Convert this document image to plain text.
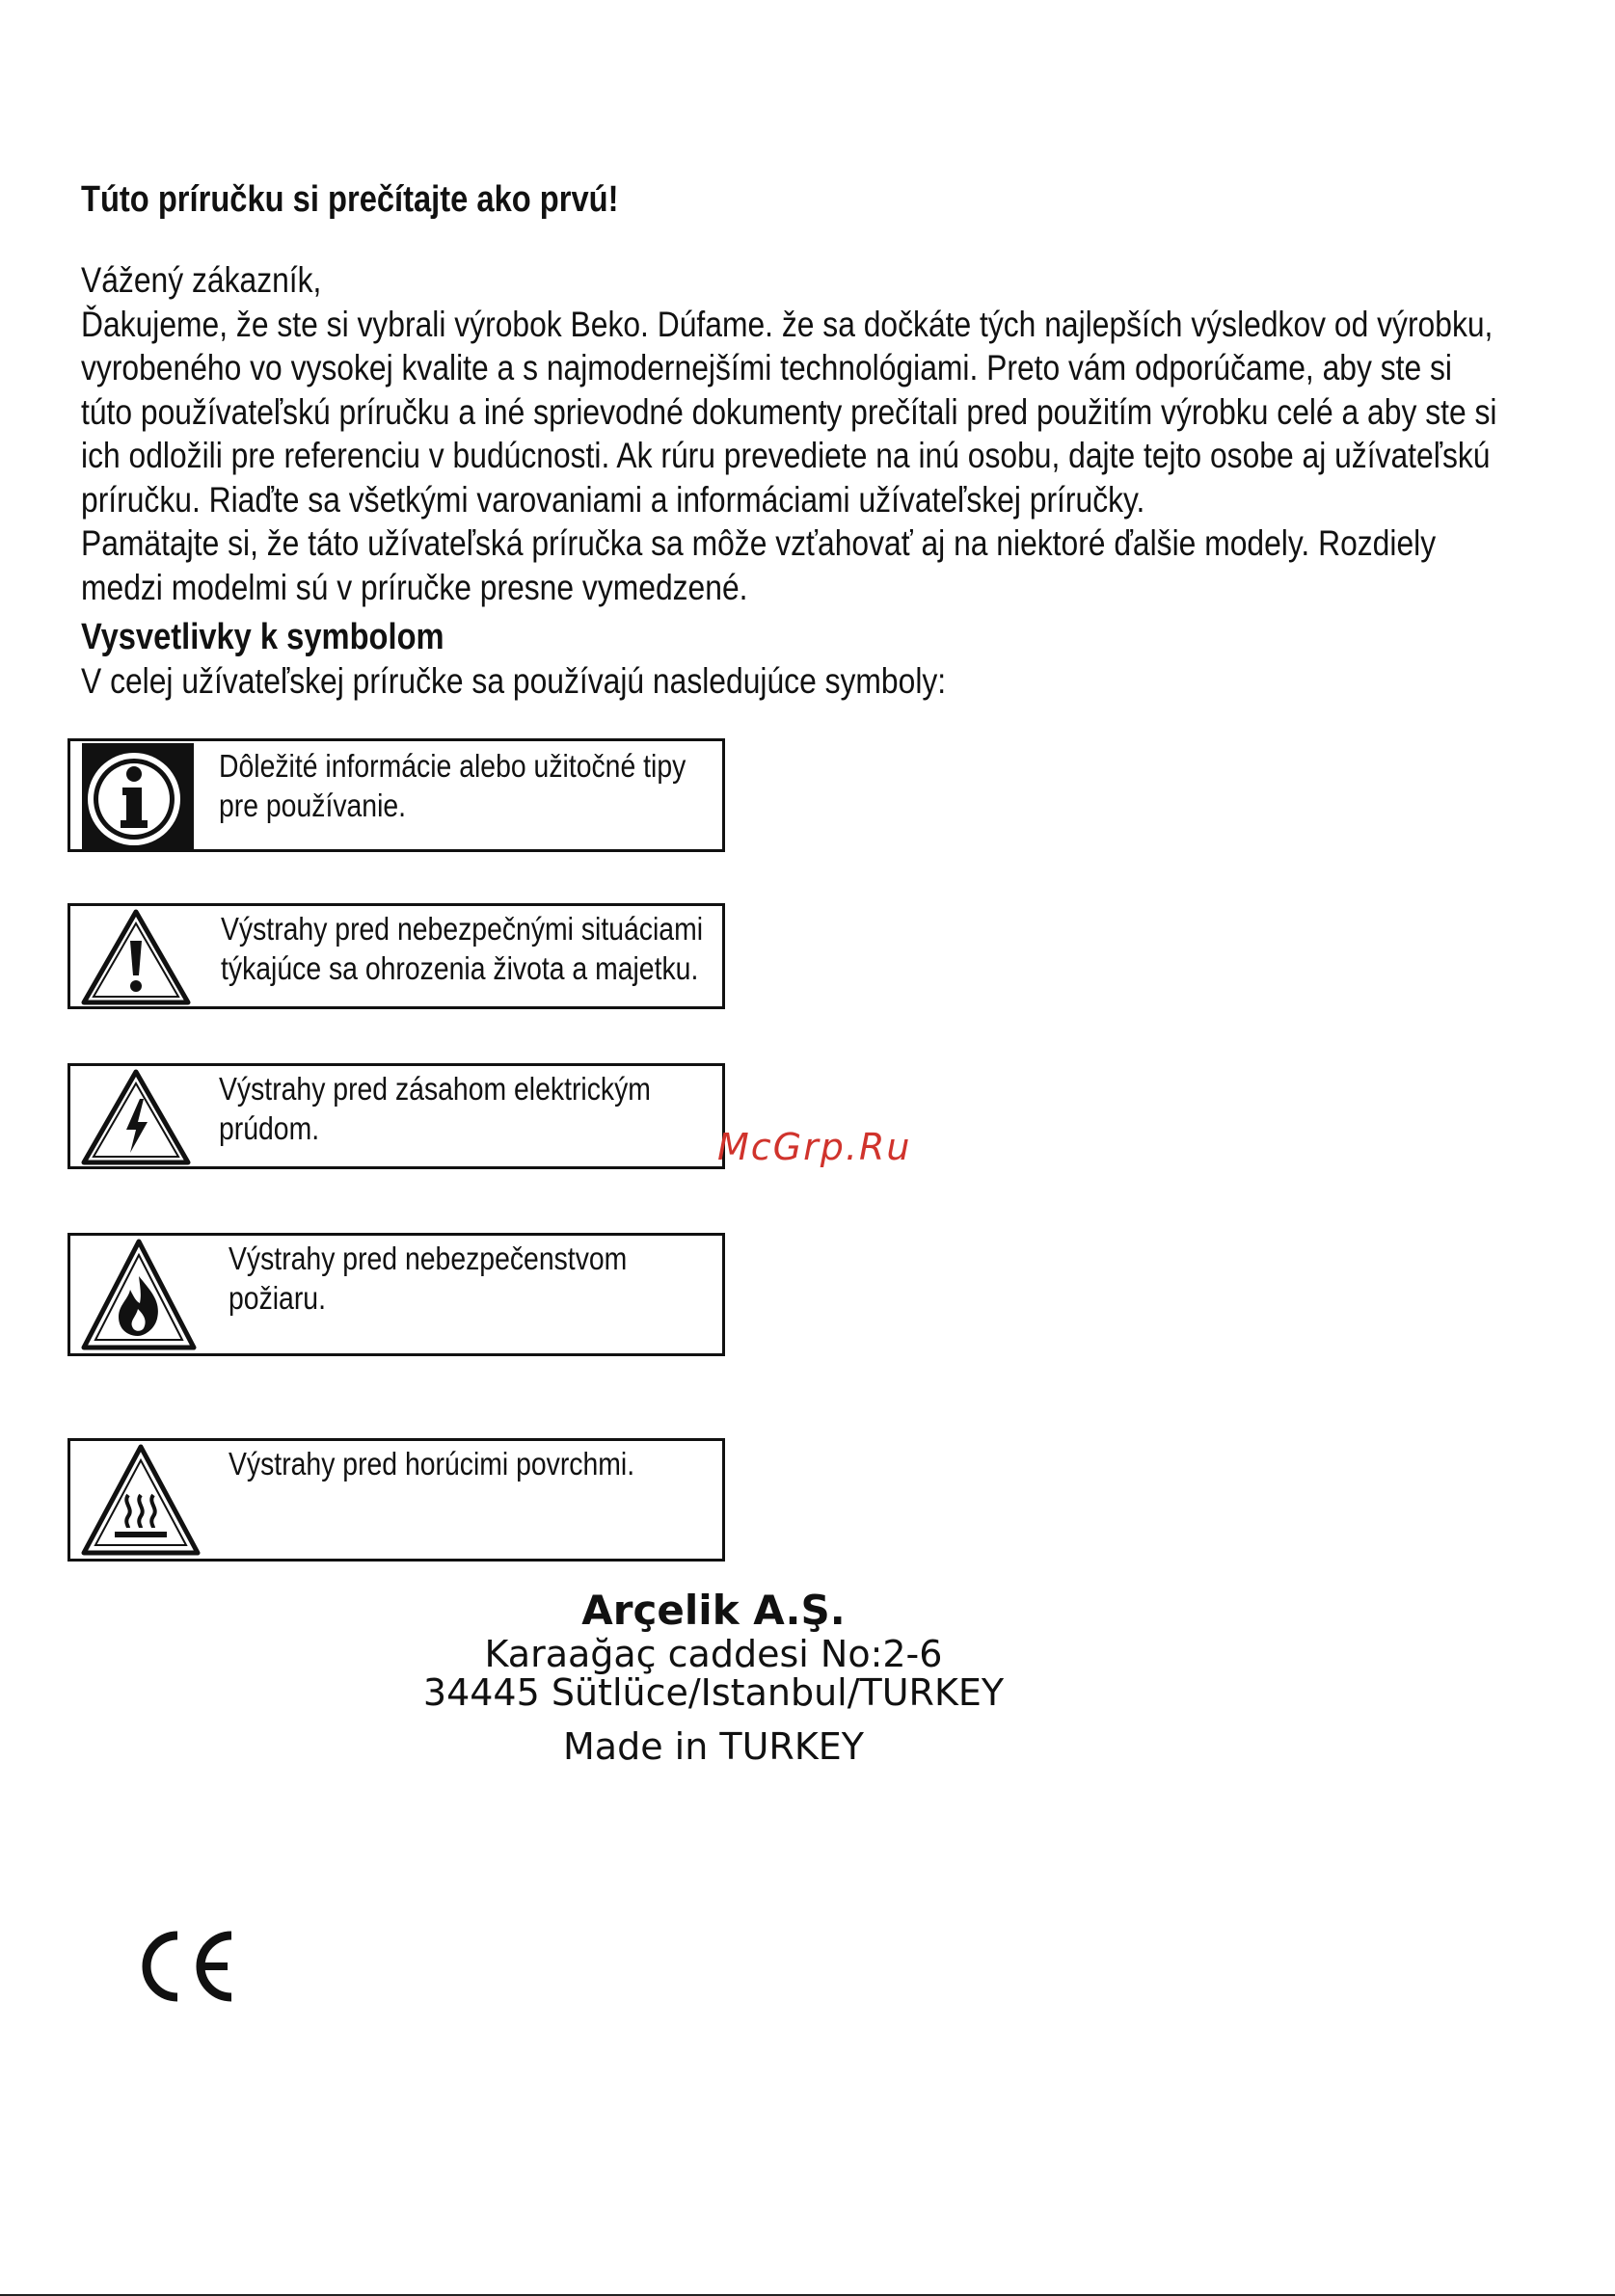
Túto príručku si prečítajte ako prvú!

Vážený zákazník,

Ďakujeme, že ste si vybrali výrobok Beko. Dúfame. že sa dočkáte tých najlepších výsledkov od výrobku, vyrobeného vo vysokej kvalite a s najmodernejšími technológiami. Preto vám odporúčame, aby ste si túto používateľskú príručku a iné sprievodné dokumenty prečítali pred použitím výrobku celé a aby ste si ich odložili pre referenciu v budúcnosti. Ak rúru prevediete na inú osobu, dajte tejto osobe aj užívateľskú príručku. Riaďte sa všetkými varovaniami a informáciami užívateľskej príručky.

Pamätajte si, že táto užívateľská príručka sa môže vzťahovať aj na niektoré ďalšie modely. Rozdiely medzi modelmi sú v príručke presne vymedzené.

Vysvetlivky k symbolom
V celej užívateľskej príručke sa používajú nasledujúce symboly:
Dôležité informácie alebo užitočné tipy
pre používanie.
Výstrahy pred nebezpečnými situáciami
týkajúce sa ohrozenia života a majetku.
Výstrahy pred zásahom elektrickým
prúdom.
Výstrahy pred nebezpečenstvom
požiaru.
Výstrahy pred horúcimi povrchmi.
McGrp.Ru
Arçelik A.Ş.
Karaağaç caddesi No:2-6
34445 Sütlüce/Istanbul/TURKEY
Made in TURKEY
